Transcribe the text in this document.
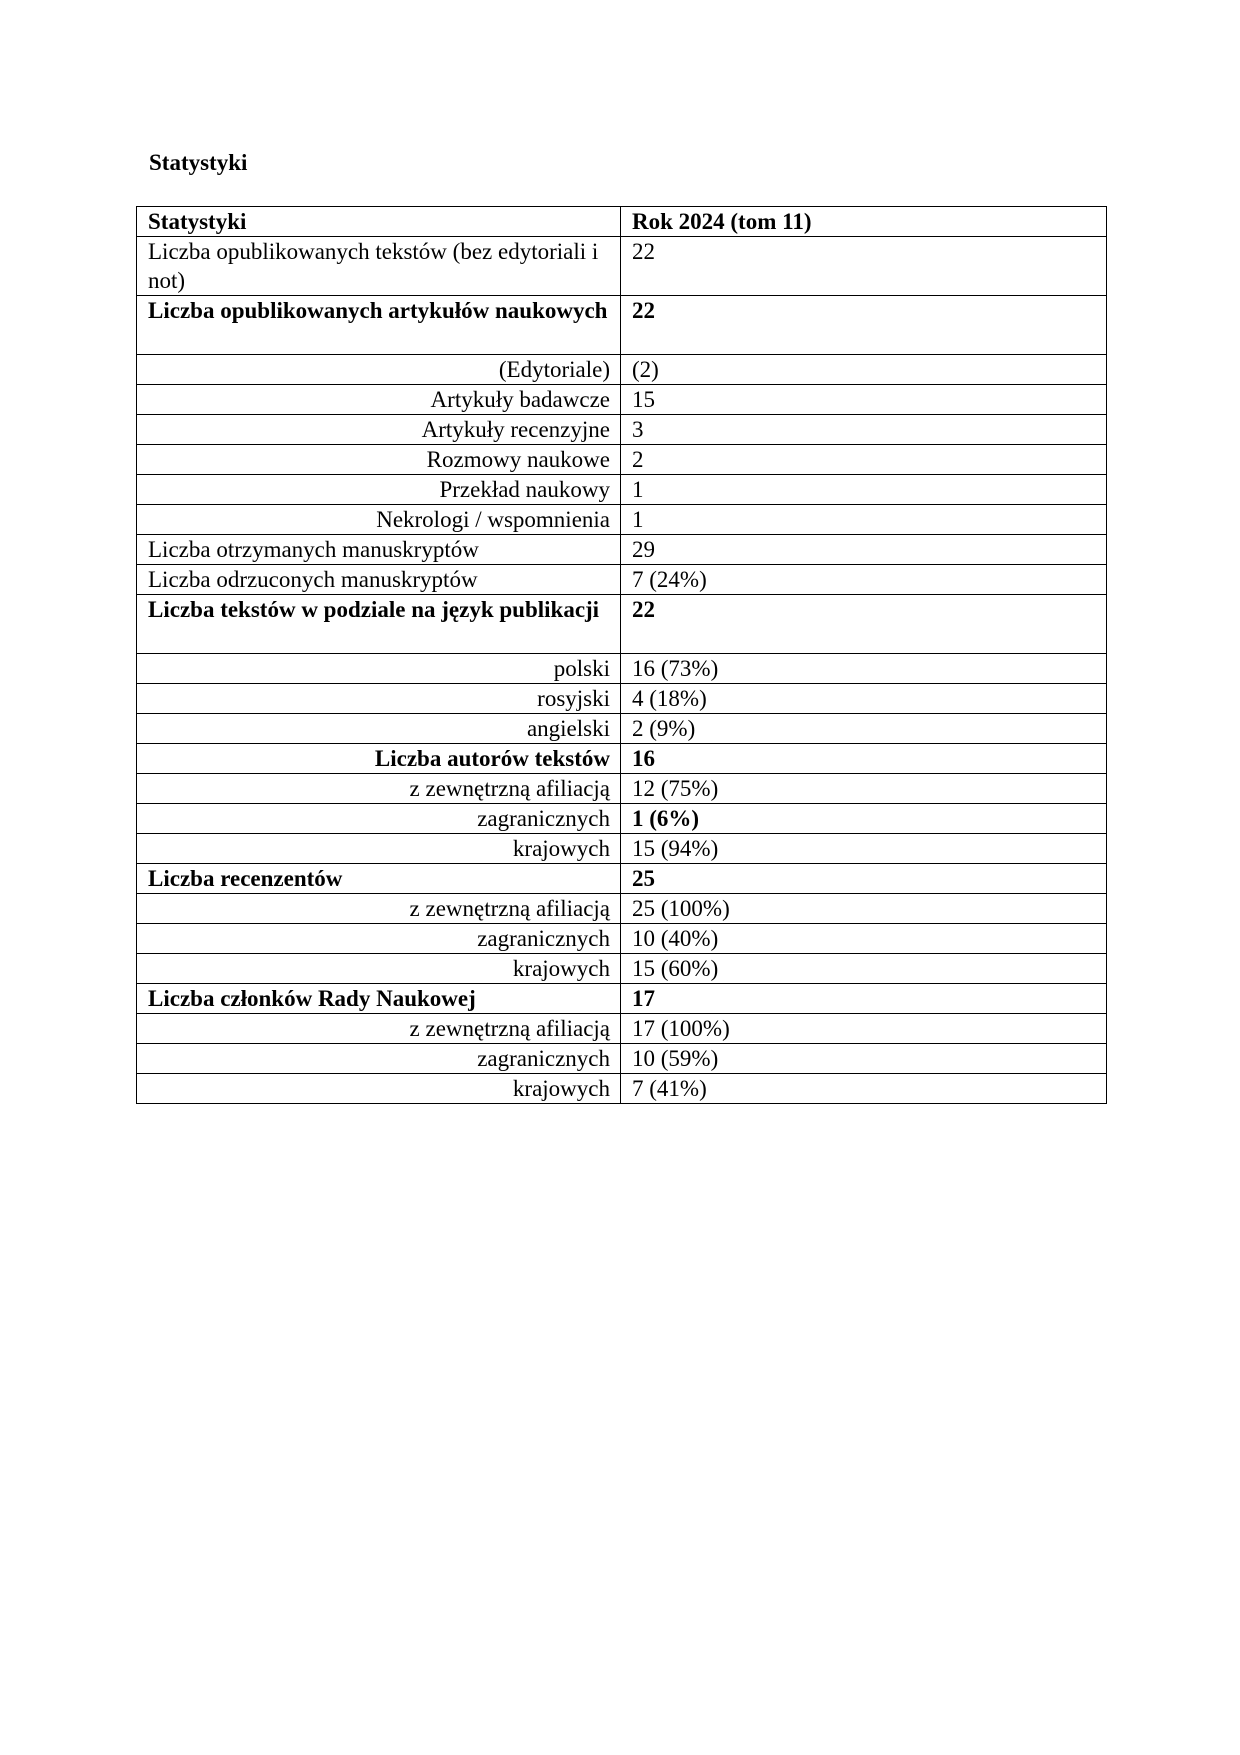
Statystyki
Statystyki	Rok 2024 (tom 11)
Liczba opublikowanych tekstów (bez edytoriali i not)	22
Liczba opublikowanych artykułów naukowych	22
(Edytoriale)	(2)
Artykuły badawcze	15
Artykuły recenzyjne	3
Rozmowy naukowe	2
Przekład naukowy	1
Nekrologi / wspomnienia	1
Liczba otrzymanych manuskryptów	29
Liczba odrzuconych manuskryptów	7 (24%)
Liczba tekstów w podziale na język publikacji	22
polski	16 (73%)
rosyjski	4 (18%)
angielski	2 (9%)
Liczba autorów tekstów	16
z zewnętrzną afiliacją	12 (75%)
zagranicznych	1 (6%)
krajowych	15 (94%)
Liczba recenzentów	25
z zewnętrzną afiliacją	25 (100%)
zagranicznych	10 (40%)
krajowych	15 (60%)
Liczba członków Rady Naukowej	17
z zewnętrzną afiliacją	17 (100%)
zagranicznych	10 (59%)
krajowych	7 (41%)
